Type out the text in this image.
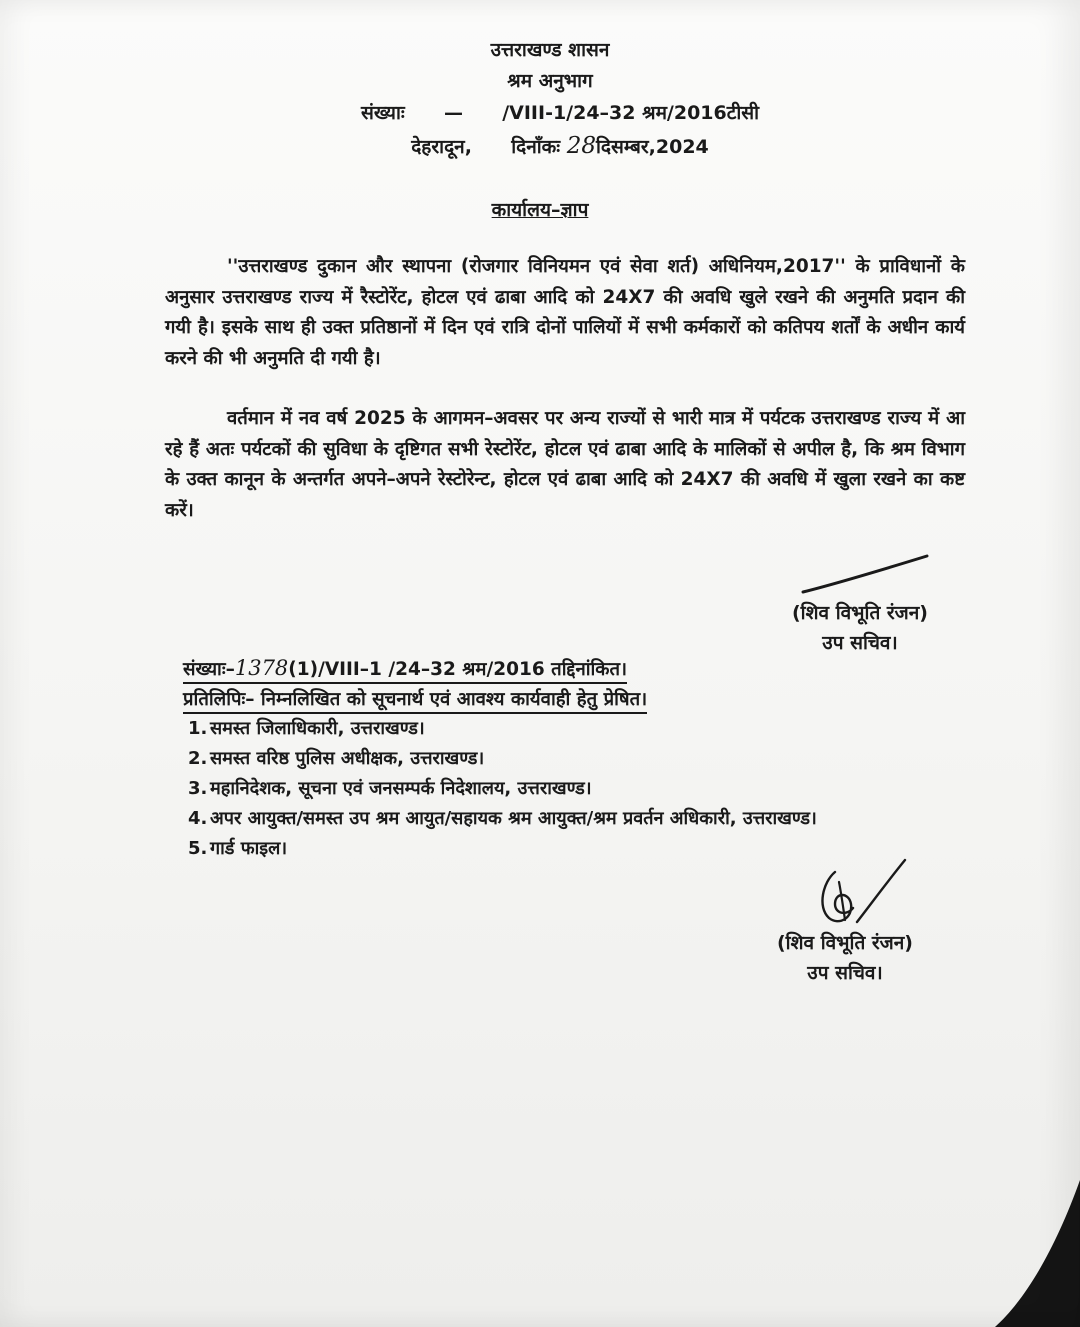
उत्तराखण्ड शासन
श्रम अनुभाग
संख्याः — /VIII-1/24–32 श्रम/2016टीसी
देहरादून, दिनाँकः 28दिसम्बर,2024
कार्यालय–ज्ञाप

''उत्तराखण्ड दुकान और स्थापना (रोजगार विनियमन एवं सेवा शर्त) अधिनियम,2017'' के प्राविधानों के अनुसार उत्तराखण्ड राज्य में रैस्टोरेंट, होटल एवं ढाबा आदि को 24X7 की अवधि खुले रखने की अनुमति प्रदान की गयी है। इसके साथ ही उक्त प्रतिष्ठानों में दिन एवं रात्रि दोनों पालियों में सभी कर्मकारों को कतिपय शर्तों के अधीन कार्य करने की भी अनुमति दी गयी है।

वर्तमान में नव वर्ष 2025 के आगमन–अवसर पर अन्य राज्यों से भारी मात्र में पर्यटक उत्तराखण्ड राज्य में आ रहे हैं अतः पर्यटकों की सुविधा के दृष्टिगत सभी रेस्टोरेंट, होटल एवं ढाबा आदि के मालिकों से अपील है, कि श्रम विभाग के उक्त कानून के अन्तर्गत अपने–अपने रेस्टोरेन्ट, होटल एवं ढाबा आदि को 24X7 की अवधि में खुला रखने का कष्ट करें।

(शिव विभूति रंजन)
उप सचिव।
संख्याः–1378(1)/VIII–1 /24–32 श्रम/2016 तद्दिनांकित।
प्रतिलिपिः– निम्नलिखित को सूचनार्थ एवं आवश्य कार्यवाही हेतु प्रेषित।
1. समस्त जिलाधिकारी, उत्तराखण्ड।
2. समस्त वरिष्ठ पुलिस अधीक्षक, उत्तराखण्ड।
3. महानिदेशक, सूचना एवं जनसम्पर्क निदेशालय, उत्तराखण्ड।
4. अपर आयुक्त/समस्त उप श्रम आयुत/सहायक श्रम आयुक्त/श्रम प्रवर्तन अधिकारी, उत्तराखण्ड।
5. गार्ड फाइल।
(शिव विभूति रंजन)
उप सचिव।
